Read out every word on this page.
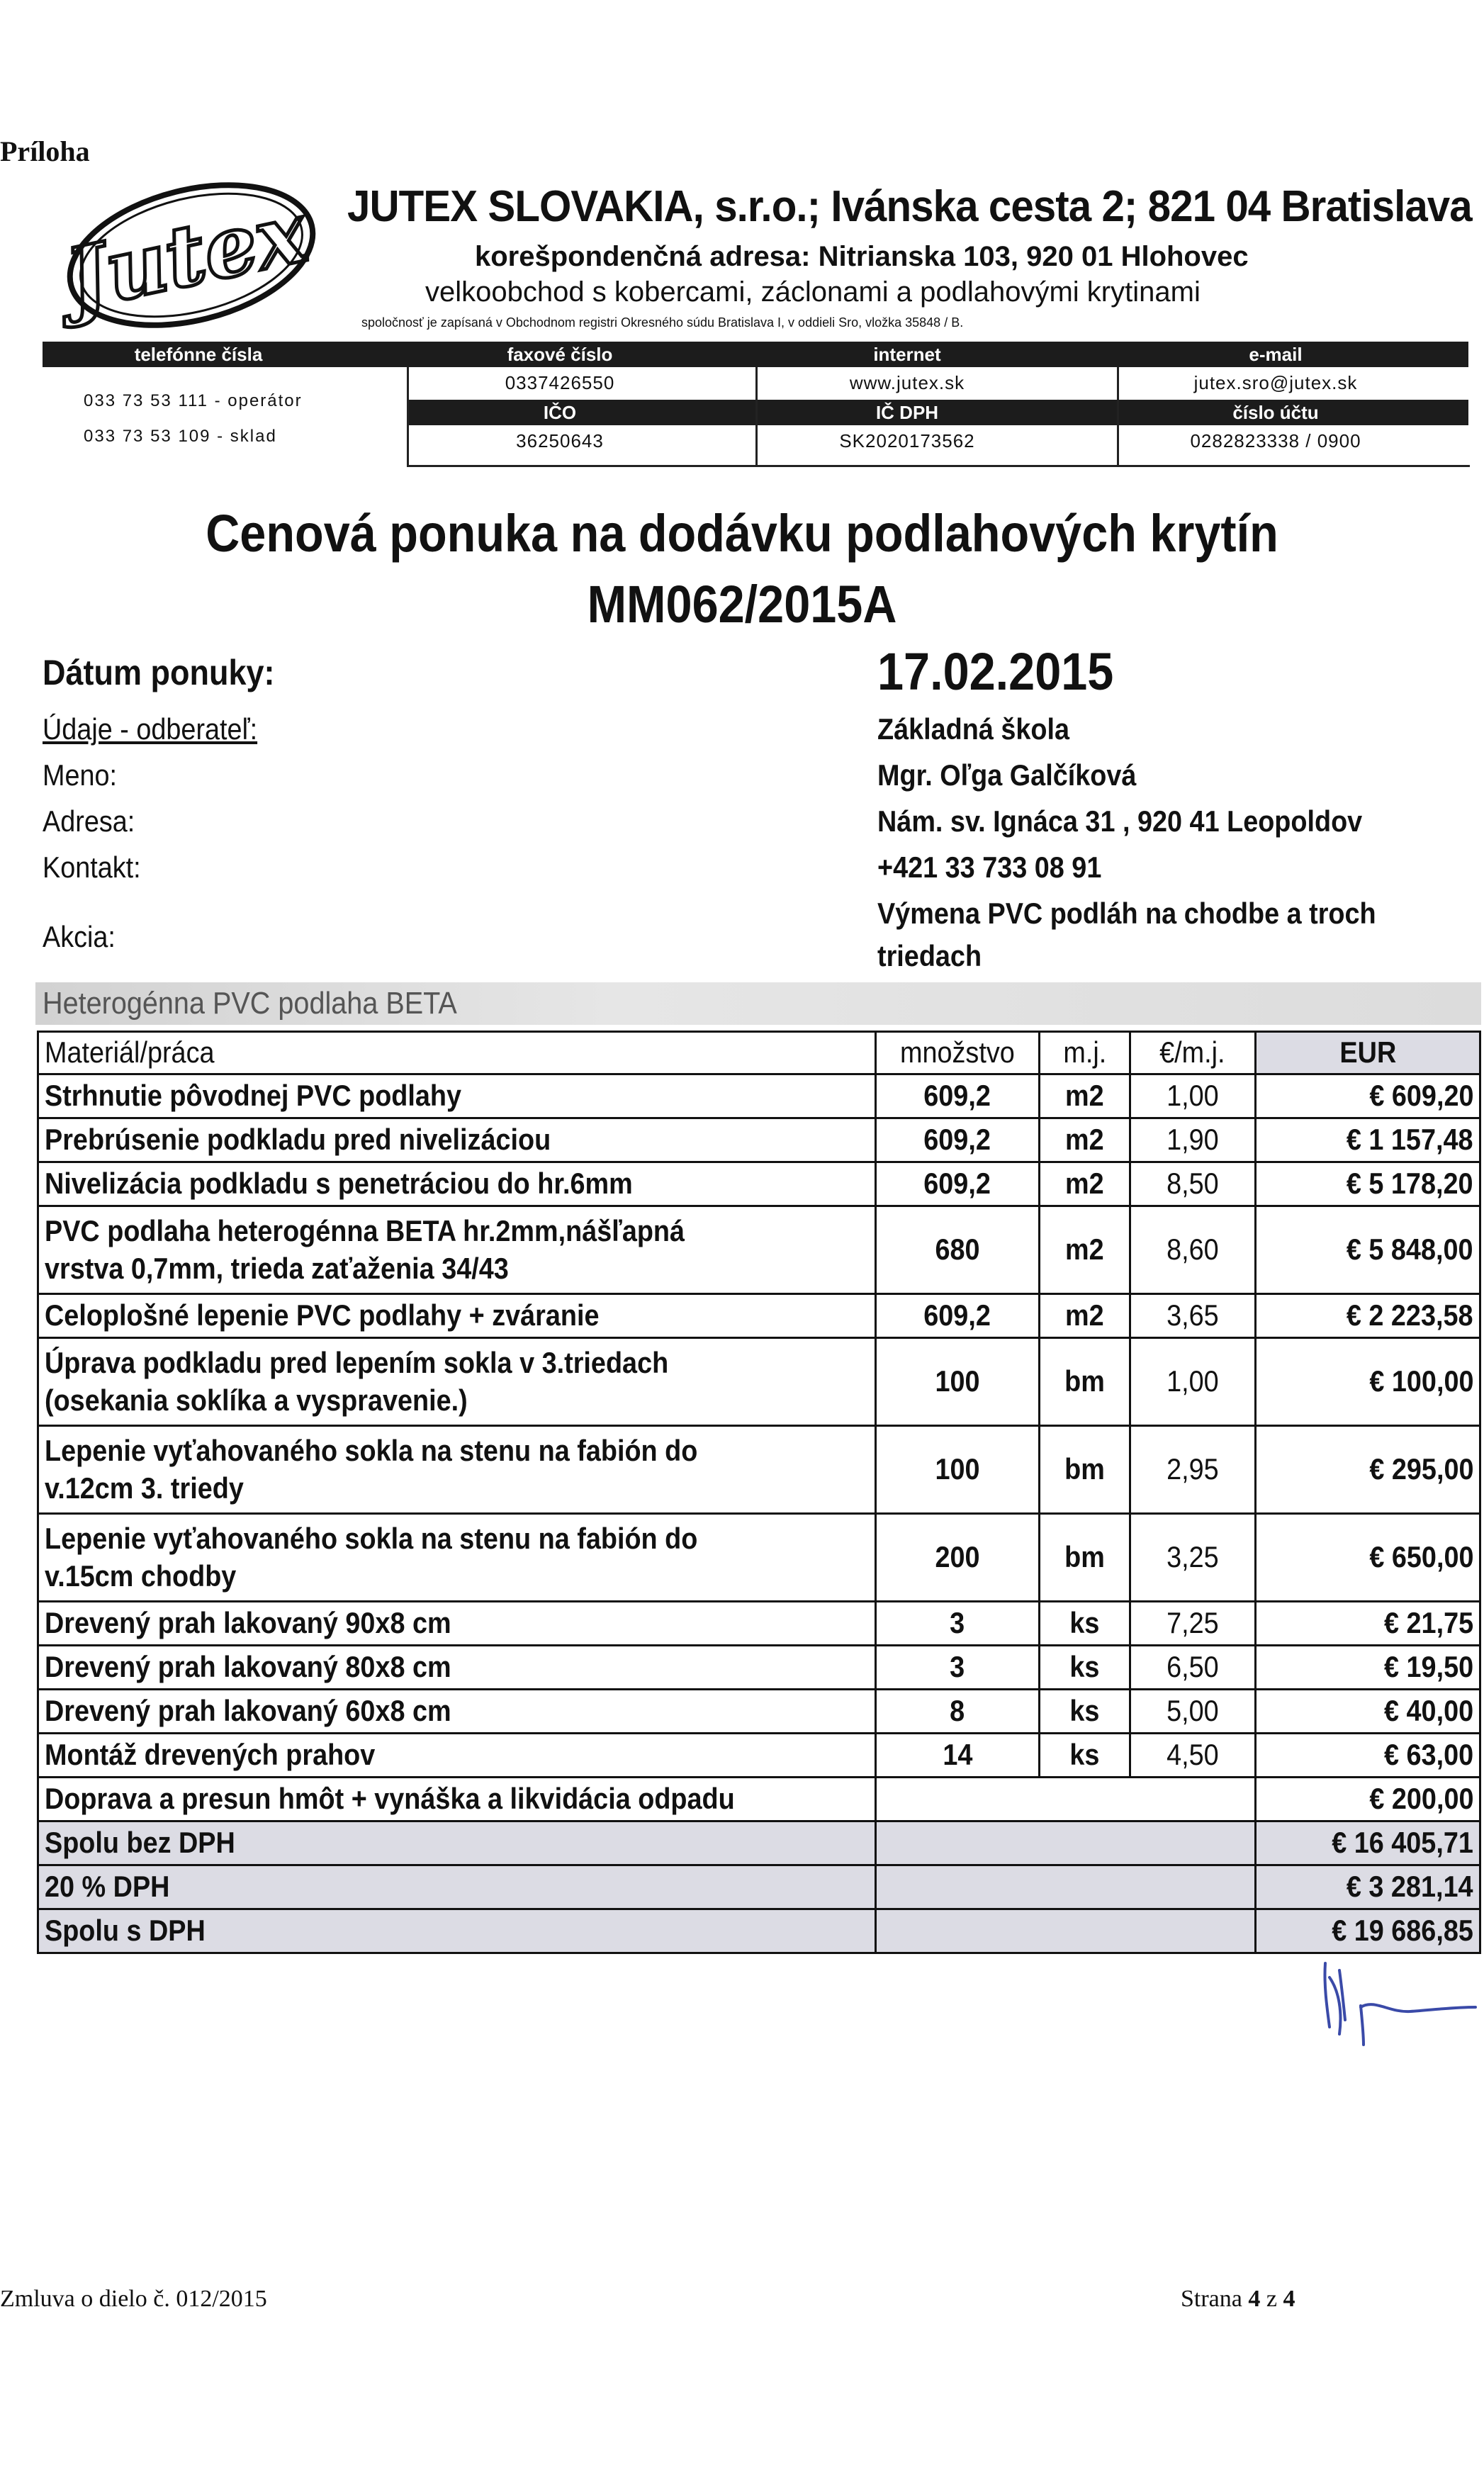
Príloha
Jutex JUTEX SLOVAKIA, s.r.o.; Ivánska cesta 2; 821 04 Bratislava
korešpondenčná adresa: Nitrianska 103, 920 01 Hlohovec
velkoobchod s kobercami, záclonami a podlahovými krytinami
spoločnosť je zapísaná v Obchodnom registri Okresného súdu Bratislava I, v oddieli Sro, vložka 35848 / B.
telefónne čísla	faxové číslo	internet	e-mail
0337426550	www.jutex.sk	jutex.sro@jutex.sk
IČO	IČ DPH	číslo účtu
36250643	SK2020173562	0282823338 / 0900
033 73 53 111 - operátor
033 73 53 109 - sklad
Cenová ponuka na dodávku podlahových krytín
MM062/2015A
Dátum ponuky:	17.02.2015
Údaje - odberateľ:	Základná škola
Meno:	Mgr. Oľga Galčíková
Adresa:	Nám. sv. Ignáca 31 , 920 41 Leopoldov
Kontakt:	+421 33 733 08 91
Akcia:
Výmena PVC podláh na chodbe a troch
triedach
Heterogénna PVC podlaha BETA
Materiál/práca	množstvo	m.j.	€/m.j.	EUR
Strhnutie pôvodnej PVC podlahy	609,2	m2	1,00	€ 609,20
Prebrúsenie podkladu pred nivelizáciou	609,2	m2	1,90	€ 1 157,48
Nivelizácia podkladu s penetráciou do hr.6mm	609,2	m2	8,50	€ 5 178,20

PVC podlaha heterogénna BETA hr.2mm,nášľapná vrstva 0,7mm, trieda zaťaženia 34/43	680	m2	8,60	€ 5 848,00
Celoplošné lepenie PVC podlahy + zváranie	609,2	m2	3,65	€ 2 223,58

Úprava podkladu pred lepením sokla v 3.triedach (osekania soklíka a vyspravenie.)	100	bm	1,00	€ 100,00

Lepenie vyťahovaného sokla na stenu na fabión do v.12cm 3. triedy	100	bm	2,95	€ 295,00

Lepenie vyťahovaného sokla na stenu na fabión do v.15cm chodby	200	bm	3,25	€ 650,00
Drevený prah lakovaný 90x8 cm	3	ks	7,25	€ 21,75
Drevený prah lakovaný 80x8 cm	3	ks	6,50	€ 19,50
Drevený prah lakovaný 60x8 cm	8	ks	5,00	€ 40,00
Montáž drevených prahov	14	ks	4,50	€ 63,00
Doprava a presun hmôt + vynáška a likvidácia odpadu				€ 200,00
Spolu bez DPH				€ 16 405,71
20 % DPH				€ 3 281,14
Spolu s DPH				€ 19 686,85
Zmluva o dielo č. 012/2015	Strana 4 z 4
